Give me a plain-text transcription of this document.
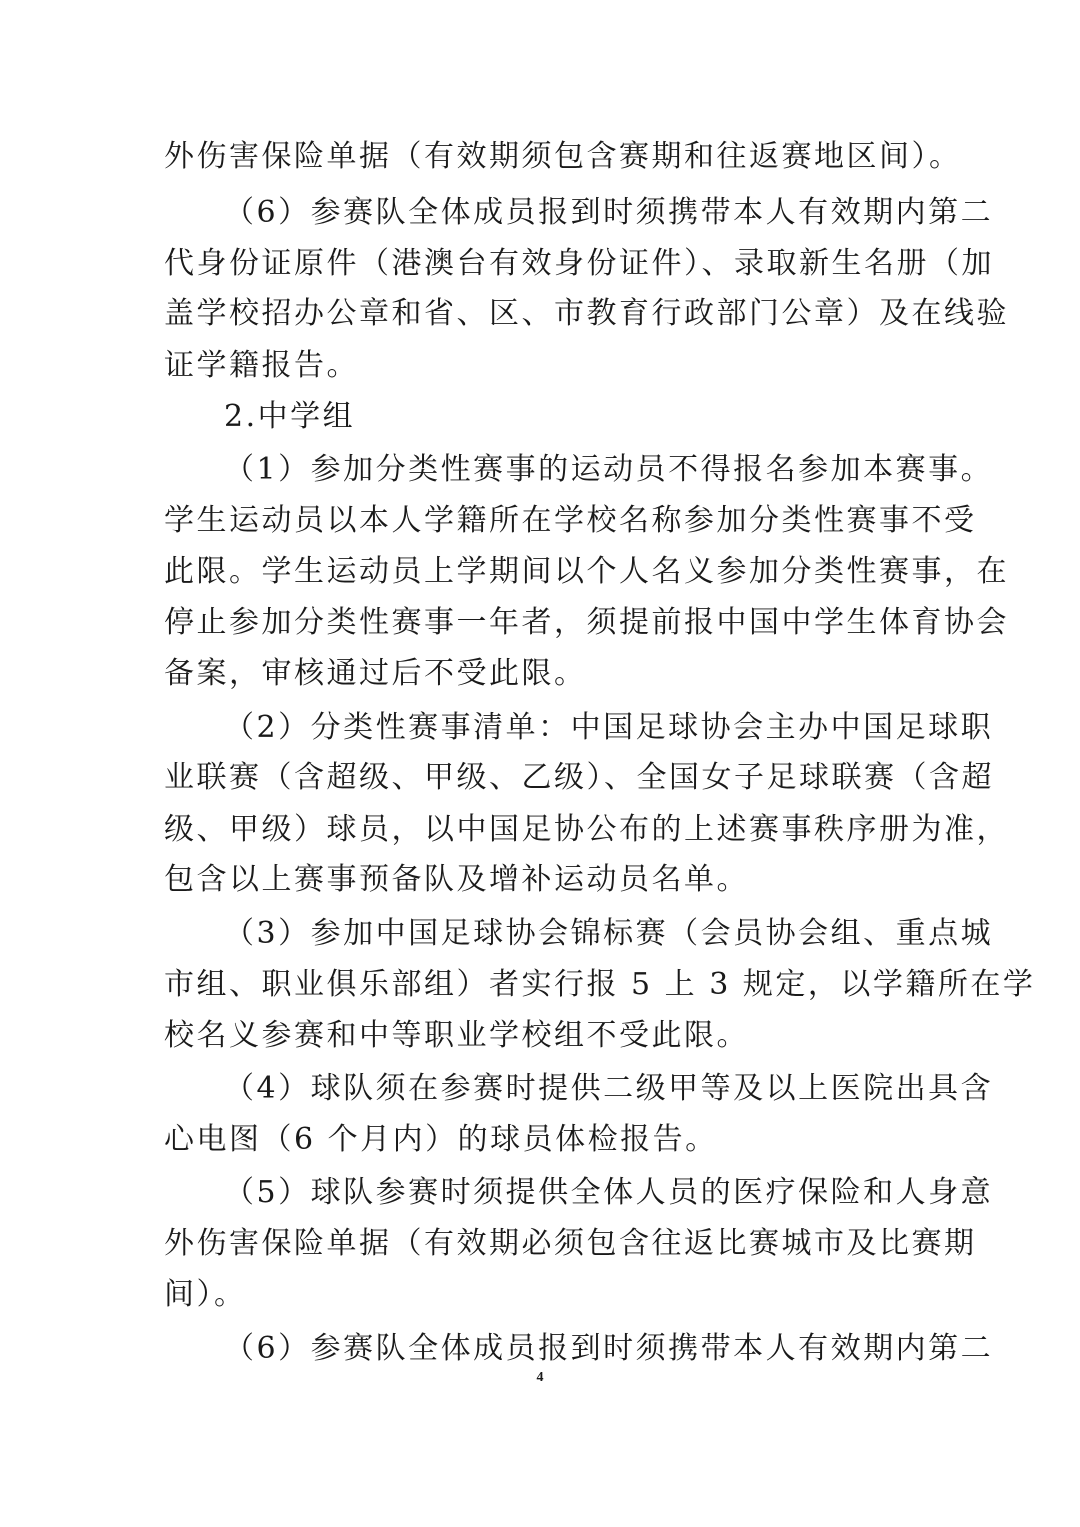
外伤害保险单据（有效期须包含赛期和往返赛地区间）。
（6）参赛队全体成员报到时须携带本人有效期内第二
代身份证原件（港澳台有效身份证件）、录取新生名册（加
盖学校招办公章和省、区、市教育行政部门公章）及在线验
证学籍报告。
2.中学组
（1）参加分类性赛事的运动员不得报名参加本赛事。
学生运动员以本人学籍所在学校名称参加分类性赛事不受
此限。学生运动员上学期间以个人名义参加分类性赛事，在
停止参加分类性赛事一年者，须提前报中国中学生体育协会
备案，审核通过后不受此限。
（2）分类性赛事清单：中国足球协会主办中国足球职
业联赛（含超级、甲级、乙级）、全国女子足球联赛（含超
级、甲级）球员，以中国足协公布的上述赛事秩序册为准，
包含以上赛事预备队及增补运动员名单。
（3）参加中国足球协会锦标赛（会员协会组、重点城
市组、职业俱乐部组）者实行报 5 上 3 规定，以学籍所在学
校名义参赛和中等职业学校组不受此限。
（4）球队须在参赛时提供二级甲等及以上医院出具含
心电图（6 个月内）的球员体检报告。
（5）球队参赛时须提供全体人员的医疗保险和人身意
外伤害保险单据（有效期必须包含往返比赛城市及比赛期
间）。
（6）参赛队全体成员报到时须携带本人有效期内第二
4
